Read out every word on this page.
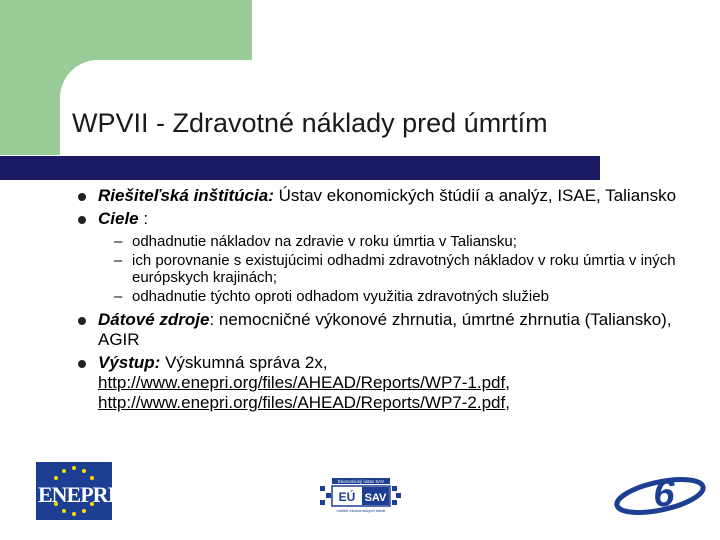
WPVII - Zdravotné náklady pred úmrtím
Riešiteľská inštitúcia: Ústav ekonomických štúdií a analýz, ISAE, Taliansko
Ciele :
– odhadnutie nákladov na zdravie v roku úmrtia v Taliansku;
– ich porovnanie s existujúcimi odhadmi zdravotných nákladov v roku úmrtia v iných európskych krajinách;
– odhadnutie týchto oproti odhadom využitia zdravotných služieb
Dátové zdroje: nemocničné výkonové zhrnutia, úmrtné zhrnutia (Taliansko), AGIR
Výstup: Výskumná správa 2x,
http://www.enepri.org/files/AHEAD/Reports/WP7-1.pdf,
http://www.enepri.org/files/AHEAD/Reports/WP7-2.pdf,
ENEPRI
Ekonomický ústav SAV
EÚ SAV
Inštitút ekonomických štúdií	6
